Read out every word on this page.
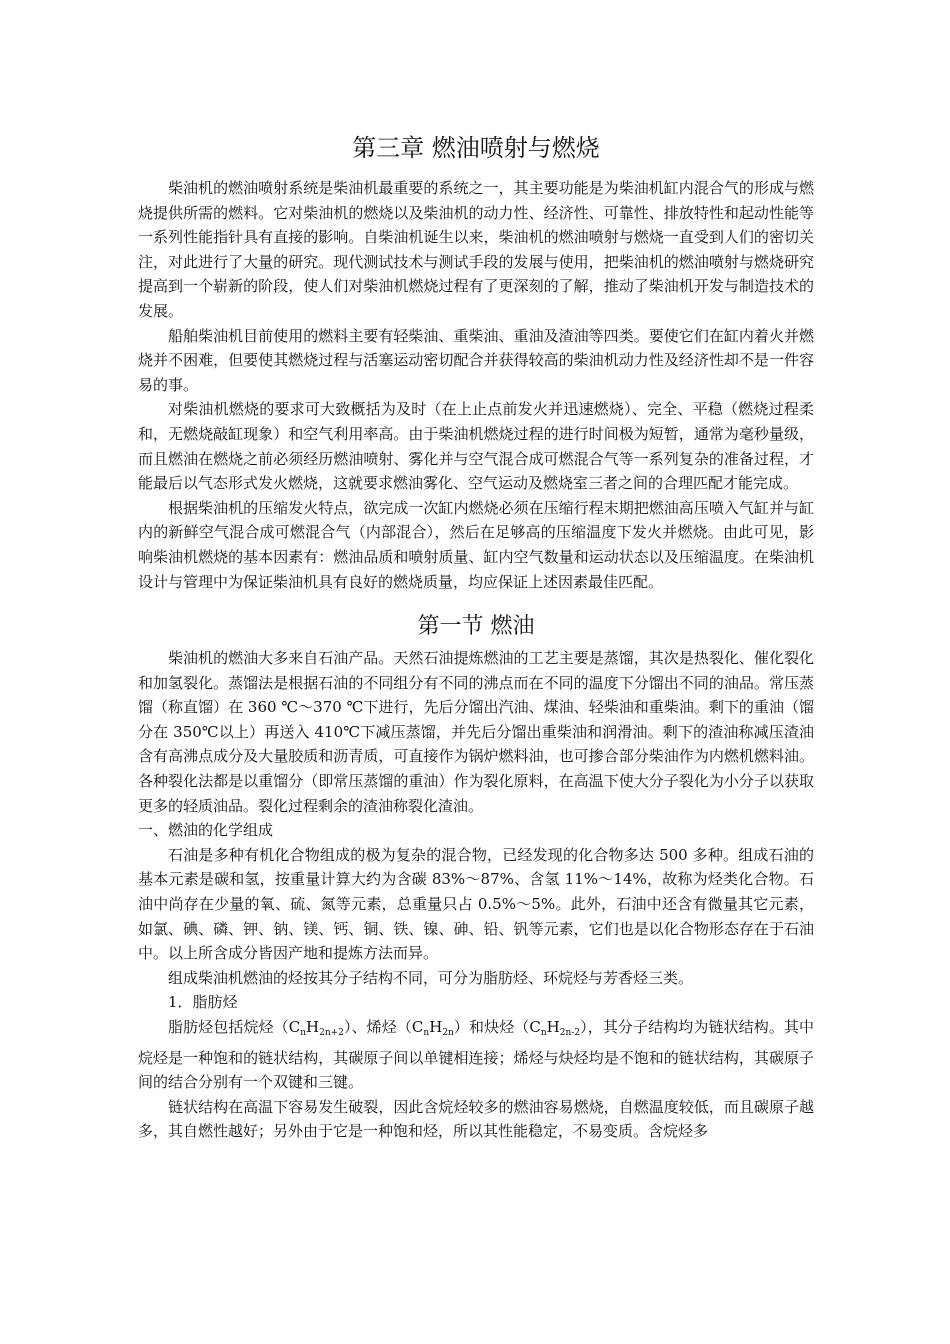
第三章 燃油喷射与燃烧

柴油机的燃油喷射系统是柴油机最重要的系统之一，其主要功能是为柴油机缸内混合气的形成与燃烧提供所需的燃料。它对柴油机的燃烧以及柴油机的动力性、经济性、可靠性、排放特性和起动性能等一系列性能指针具有直接的影响。自柴油机诞生以来，柴油机的燃油喷射与燃烧一直受到人们的密切关注，对此进行了大量的研究。现代测试技术与测试手段的发展与使用，把柴油机的燃油喷射与燃烧研究提高到一个崭新的阶段，使人们对柴油机燃烧过程有了更深刻的了解，推动了柴油机开发与制造技术的发展。

船舶柴油机目前使用的燃料主要有轻柴油、重柴油、重油及渣油等四类。要使它们在缸内着火并燃烧并不困难，但要使其燃烧过程与活塞运动密切配合并获得较高的柴油机动力性及经济性却不是一件容易的事。

对柴油机燃烧的要求可大致概括为及时（在上止点前发火并迅速燃烧）、完全、平稳（燃烧过程柔和，无燃烧敲缸现象）和空气利用率高。由于柴油机燃烧过程的进行时间极为短暂，通常为毫秒量级，而且燃油在燃烧之前必须经历燃油喷射、雾化并与空气混合成可燃混合气等一系列复杂的准备过程，才能最后以气态形式发火燃烧，这就要求燃油雾化、空气运动及燃烧室三者之间的合理匹配才能完成。

根据柴油机的压缩发火特点，欲完成一次缸内燃烧必须在压缩行程末期把燃油高压喷入气缸并与缸内的新鲜空气混合成可燃混合气（内部混合），然后在足够高的压缩温度下发火并燃烧。由此可见，影响柴油机燃烧的基本因素有：燃油品质和喷射质量、缸内空气数量和运动状态以及压缩温度。在柴油机设计与管理中为保证柴油机具有良好的燃烧质量，均应保证上述因素最佳匹配。

第一节 燃油

柴油机的燃油大多来自石油产品。天然石油提炼燃油的工艺主要是蒸馏，其次是热裂化、催化裂化和加氢裂化。蒸馏法是根据石油的不同组分有不同的沸点而在不同的温度下分馏出不同的油品。常压蒸馏（称直馏）在 360 ℃～370 ℃下进行，先后分馏出汽油、煤油、轻柴油和重柴油。剩下的重油（馏分在 350℃以上）再送入 410℃下减压蒸馏，并先后分馏出重柴油和润滑油。剩下的渣油称减压渣油含有高沸点成分及大量胶质和沥青质，可直接作为锅炉燃料油，也可掺合部分柴油作为内燃机燃料油。各种裂化法都是以重馏分（即常压蒸馏的重油）作为裂化原料，在高温下使大分子裂化为小分子以获取更多的轻质油品。裂化过程剩余的渣油称裂化渣油。

一、燃油的化学组成

石油是多种有机化合物组成的极为复杂的混合物，已经发现的化合物多达 500 多种。组成石油的基本元素是碳和氢，按重量计算大约为含碳 83%～87%、含氢 11%～14%，故称为烃类化合物。石油中尚存在少量的氧、硫、氮等元素，总重量只占 0.5%～5%。此外，石油中还含有微量其它元素，如氯、碘、磷、钾、钠、镁、钙、铜、铁、镍、砷、铅、钒等元素，它们也是以化合物形态存在于石油中。以上所含成分皆因产地和提炼方法而异。

组成柴油机燃油的烃按其分子结构不同，可分为脂肪烃、环烷烃与芳香烃三类。

1．脂肪烃

脂肪烃包括烷烃$(C_nH_{2n+2})$、烯烃$(C_nH_{2n})$和炔烃$(C_nH_{2n-2})$，其分子结构均为链状结构。其中烷烃是一种饱和的链状结构，其碳原子间以单键相连接；烯烃与炔烃均是不饱和的链状结构，其碳原子间的结合分别有一个双键和三键。

链状结构在高温下容易发生破裂，因此含烷烃较多的燃油容易燃烧，自燃温度较低，而且碳原子越多，其自燃性越好；另外由于它是一种饱和烃，所以其性能稳定，不易变质。含烷烃多
